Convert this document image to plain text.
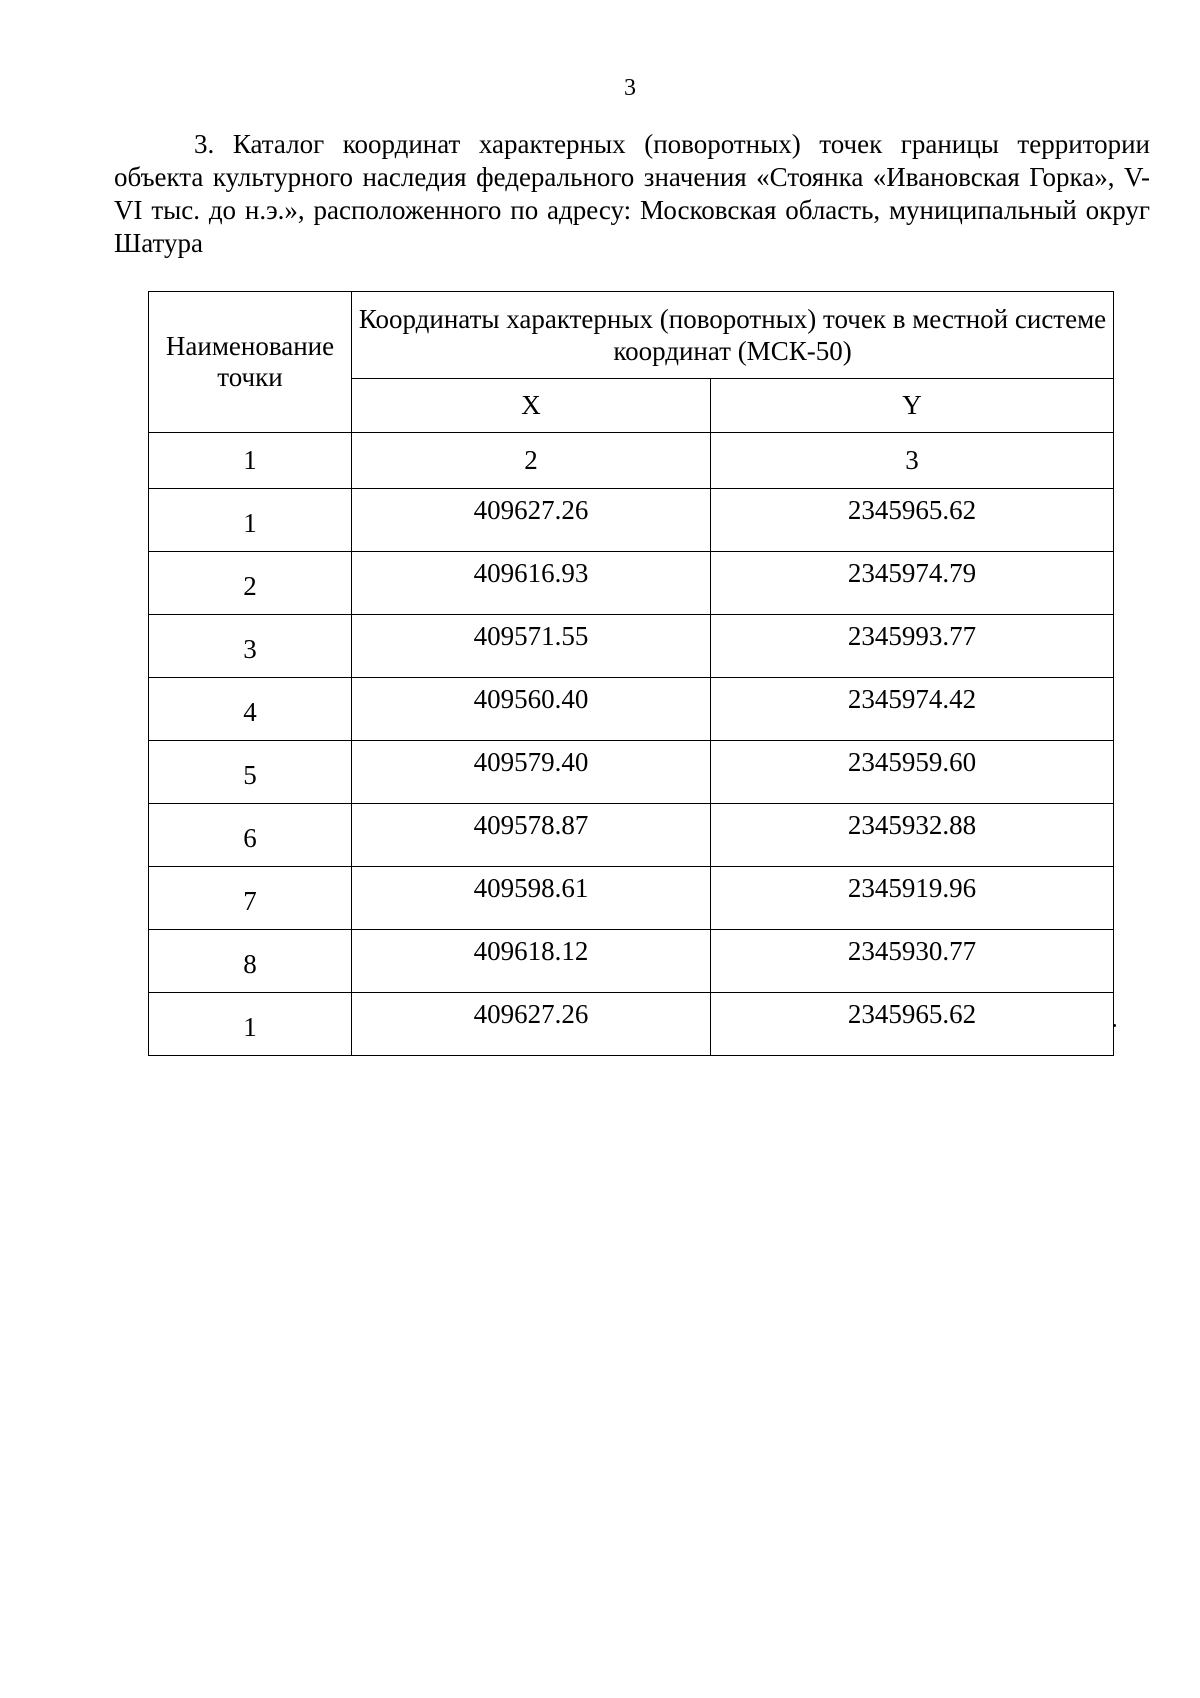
3

3. Каталог координат характерных (поворотных) точек границы территории объекта культурного наследия федерального значения «Стоянка «Ивановская Горка», V-VI тыс. до н.э.», расположенного по адресу: Московская область, муниципальный округ Шатура

Наименование точки	Координаты характерных (поворотных) точек в местной системе координат (МСК-50)	
	X	Y
1	2	3
1	409627.26	2345965.62
2	409616.93	2345974.79
3	409571.55	2345993.77
4	409560.40	2345974.42
5	409579.40	2345959.60
6	409578.87	2345932.88
7	409598.61	2345919.96
8	409618.12	2345930.77
1	409627.26	2345965.62
